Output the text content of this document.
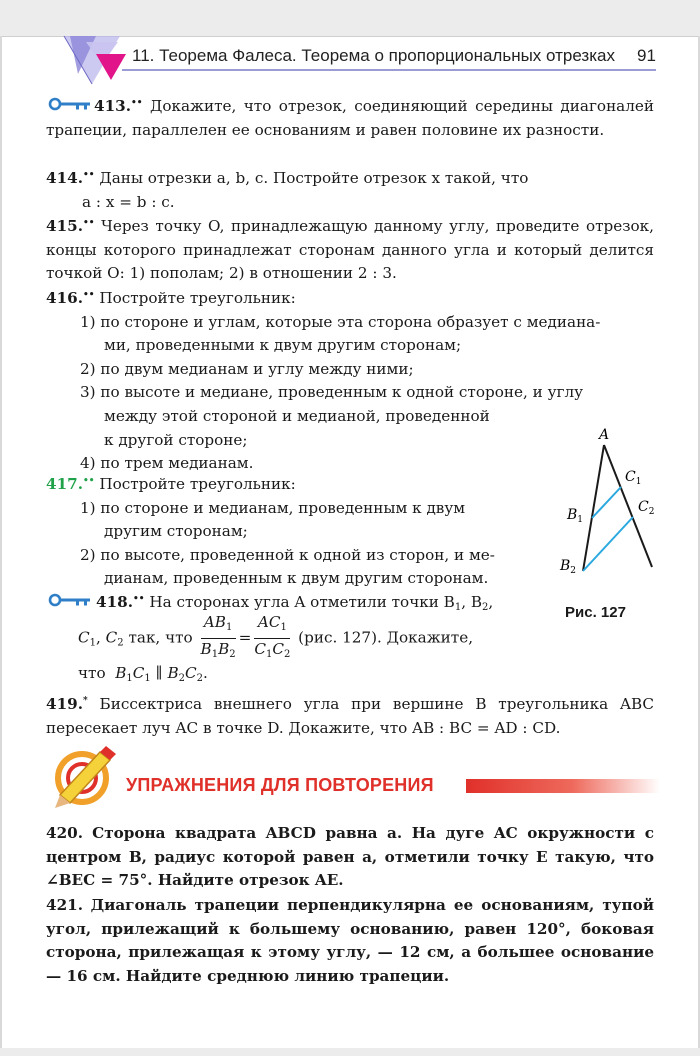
11. Теорема Фалеса. Теорема о пропорциональных отрезках 91
413.•• Докажите, что отрезок, соединяющий середины диагоналей трапеции, параллелен ее основаниям и равен половине их разности.
414.•• Даны отрезки a, b, c. Постройте отрезок x такой, что
a : x = b : c.
415.•• Через точку O, принадлежащую данному углу, проведите отрезок, концы которого принадлежат сторонам данного угла и который делится точкой O: 1) пополам; 2) в отношении 2 : 3.
416.•• Постройте треугольник:
1) по стороне и углам, которые эта сторона образует с медиана-
ми, проведенными к двум другим сторонам;
2) по двум медианам и углу между ними;
3) по высоте и медиане, проведенным к одной стороне, и углу
между этой стороной и медианой, проведенной
к другой стороне;
4) по трем медианам.
417.•• Постройте треугольник:
1) по стороне и медианам, проведенным к двум
другим сторонам;
2) по высоте, проведенной к одной из сторон, и ме-
дианам, проведенным к двум другим сторонам.
A
$C_1$
$C_2$
$B_1$
$B_2$
Рис. 127
418.•• На сторонах угла A отметили точки B1, B2,
C1, C2 так, что $\frac{AB1}{B1B2} = \frac{AC1}{C1C2} (рис$. 127). Докажите,
что B1C1 ∥ B2C2.
419.* Биссектриса внешнего угла при вершине B треугольника ABC пересекает луч AC в точке D. Докажите, что AB : BC = AD : CD.
УПРАЖНЕНИЯ ДЛЯ ПОВТОРЕНИЯ
420. Сторона квадрата ABCD равна a. На дуге AC окружности с центром B, радиус которой равен a, отметили точку E такую, что ∠BEC = 75°. Найдите отрезок AE.
421. Диагональ трапеции перпендикулярна ее основаниям, тупой угол, прилежащий к большему основанию, равен 120°, боковая сторона, прилежащая к этому углу, — 12 см, а большее основание — 16 см. Найдите среднюю линию трапеции.
